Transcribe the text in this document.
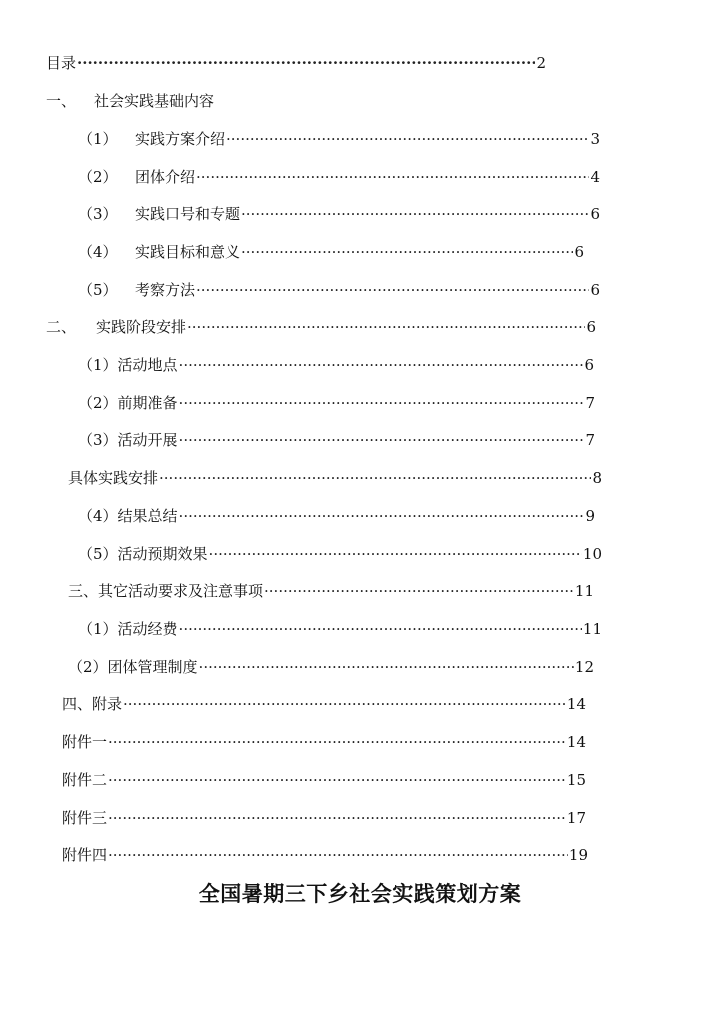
目录 ·····	2
一、	社会实践基础内容
（1）	实践方案介绍 ·····	3
（2）	团体介绍 ·····	4
（3）	实践口号和专题 ·····	6
（4）	实践目标和意义 ·····	6
（5）	考察方法 ·····	6
二、	实践阶段安排 ·····	6
（1）活动地点 ·····	6
（2）前期准备 ·····	7
（3）活动开展 ·····	7
具体实践安排 ·····	8
（4）结果总结 ·····	9
（5）活动预期效果 ·····	10
三、其它活动要求及注意事项 ·····	11
（1）活动经费 ·····	11
（2）团体管理制度 ·····	12
四、附录 ·····	14
附件一 ·····	14
附件二 ·····	15
附件三 ·····	17
附件四 ·····	19
全国暑期三下乡社会实践策划方案
